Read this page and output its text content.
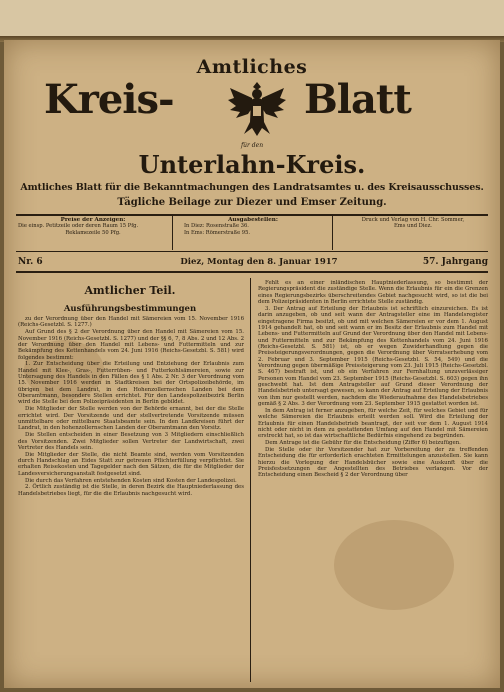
Amtliches
Kreis-	Blatt
für den
Unterlahn-Kreis.
Amtliches Blatt für die Bekanntmachungen des Landratsamtes u. des Kreisausschusses.
Tägliche Beilage zur Diezer und Emser Zeitung.
Preise der Anzeigen:
Die einsp. Petitzeile oder deren Raum 15 Pfg.
Reklamezeile 50 Pfg.
Ausgabestellen:
In Diez: Rosenstraße 36.
In Ems: Römerstraße 95.
Druck und Verlag von H. Chr. Sommer,
Ems und Diez.
Nr. 6	Diez, Montag den 8. Januar 1917	57. Jahrgang
Amtlicher Teil.
Ausführungsbestimmungen

zu der Verordnung über den Handel mit Sämereien vom 15. November 1916 (Reichs-Gesetzbl. S. 1277.)

Auf Grund des § 2 der Verordnung über den Handel mit Sämereien vom 15. November 1916 (Reichs-Gesetzbl. S. 1277) und der §§ 6, 7, 8 Abs. 2 und 12 Abs. 2 der Verordnung über den Handel mit Lebens- und Futtermitteln und zur Bekämpfung des Kettenhandels vom 24. Juni 1916 (Reichs-Gesetzbl. S. 581) wird folgendes bestimmt:

1. Zur Entscheidung über die Erteilung und Entziehung der Erlaubnis zum Handel mit Klee-, Gras-, Futterrüben- und Futterkohlsämereien, sowie zur Untersagung des Handels in den Fällen des § 1 Abs. 2 Nr. 3 der Verordnung vom 15. November 1916 werden in Stadtkreisen bei der Ortspolizeibehörde, im übrigen bei dem Landrat, in den Hohenzollernschen Landen bei dem Oberamtmann, besondere Stellen errichtet. Für den Landespolizeibezirk Berlin wird die Stelle bei dem Polizeipräsidenten in Berlin gebildet.

Die Mitglieder der Stelle werden von der Behörde ernannt, bei der die Stelle errichtet wird. Der Vorsitzende und der stellvertretende Vorsitzende müssen unmittelbare oder mittelbare Staatsbeamte sein. In den Landkreisen führt der Landrat, in den hohenzollernschen Landen der Oberamtmann den Vorsitz.

Die Stellen entscheiden in einer Besetzung von 3 Mitgliedern einschließlich des Vorsitzenden. Zwei Mitglieder sollen Vertreter der Landwirtschaft, zwei Vertreter des Handels sein.

Die Mitglieder der Stelle, die nicht Beamte sind, werden vom Vorsitzenden durch Handschlag an Eides Statt zur getreuen Pflichterfüllung verpflichtet. Sie erhalten Reisekosten und Tagegelder nach den Sätzen, die für die Mitglieder der Landesversicherungsanstalt festgesetzt sind.

Die durch das Verfahren entstehenden Kosten sind Kosten der Landespolizei.

2. Örtlich zuständig ist die Stelle, in deren Bezirk die Hauptniederlassung des Handelsbetriebes liegt, für die die Erlaubnis nachgesucht wird.

Fehlt es an einer inländischen Hauptniederlassung, so bestimmt der Regierungspräsident die zuständige Stelle. Wenn die Erlaubnis für ein die Grenzen eines Regierungsbezirks überschreitendes Gebiet nachgesucht wird, so ist die bei dem Polizeipräsidenten in Berlin errichtete Stelle zuständig.

3. Der Antrag auf Erteilung der Erlaubnis ist schriftlich einzureichen. Es ist darin anzugeben, ob und seit wann der Antragsteller eine im Handelsregister eingetragene Firma besitzt, ob und mit welchen Sämereien er vor dem 1. August 1914 gehandelt hat, ob und seit wann er im Besitz der Erlaubnis zum Handel mit Lebens- und Futtermitteln auf Grund der Verordnung über den Handel mit Lebens- und Futtermitteln und zur Bekämpfung des Kettenhandels vom 24. Juni 1916 (Reichs-Gesetzbl. S. 581) ist, ob er wegen Zuwiderhandlung gegen die Preissteigerungsverordnungen, gegen die Verordnung über Vorratserhebung vom 2. Februar und 3. September 1915 (Reichs-Gesetzbl. S. 54, 549) und die Verordnung gegen übermäßige Preissteigerung vom 23. Juli 1915 (Reichs-Gesetzbl. S. 467) bestraft ist, und ob ein Verfahren zur Fernhaltung unzuverlässiger Personen vom Handel vom 23. September 1915 (Reichs-Gesetzbl. S. 603) gegen ihn geschwebt hat. Ist dem Antragsteller auf Grund dieser Verordnung der Handelsbetrieb untersagt gewesen, so kann der Antrag auf Erteilung der Erlaubnis von ihm nur gestellt werden, nachdem die Wiederaufnahme des Handelsbetriebes gemäß § 2 Abs. 3 der Verordnung vom 23. September 1915 gestattet worden ist.

In dem Antrag ist ferner anzugeben, für welche Zeit, für welches Gebiet und für welche Sämereien die Erlaubnis erteilt werden soll. Wird die Erteilung der Erlaubnis für einen Handelsbetrieb beantragt, der seit vor dem 1. August 1914 nicht oder nicht in dem zu gestattenden Umfang auf den Handel mit Sämereien erstreckt hat, so ist das wirtschaftliche Bedürfnis eingehend zu begründen.

Dem Antrage ist die Gebühr für die Entscheidung (Ziffer 6) beizufügen.

Die Stelle oder ihr Vorsitzender hat zur Vorbereitung der zu treffenden Entscheidung die für erforderlich erachteten Ermittelungen anzustellen. Sie kann hierzu die Vorlegung der Handelsbücher sowie eine Auskunft über die Preisfestsetzungen der Angestellten des Betriebes verlangen. Vor der Entscheidung einen Bescheid § 2 der Verordnung über
